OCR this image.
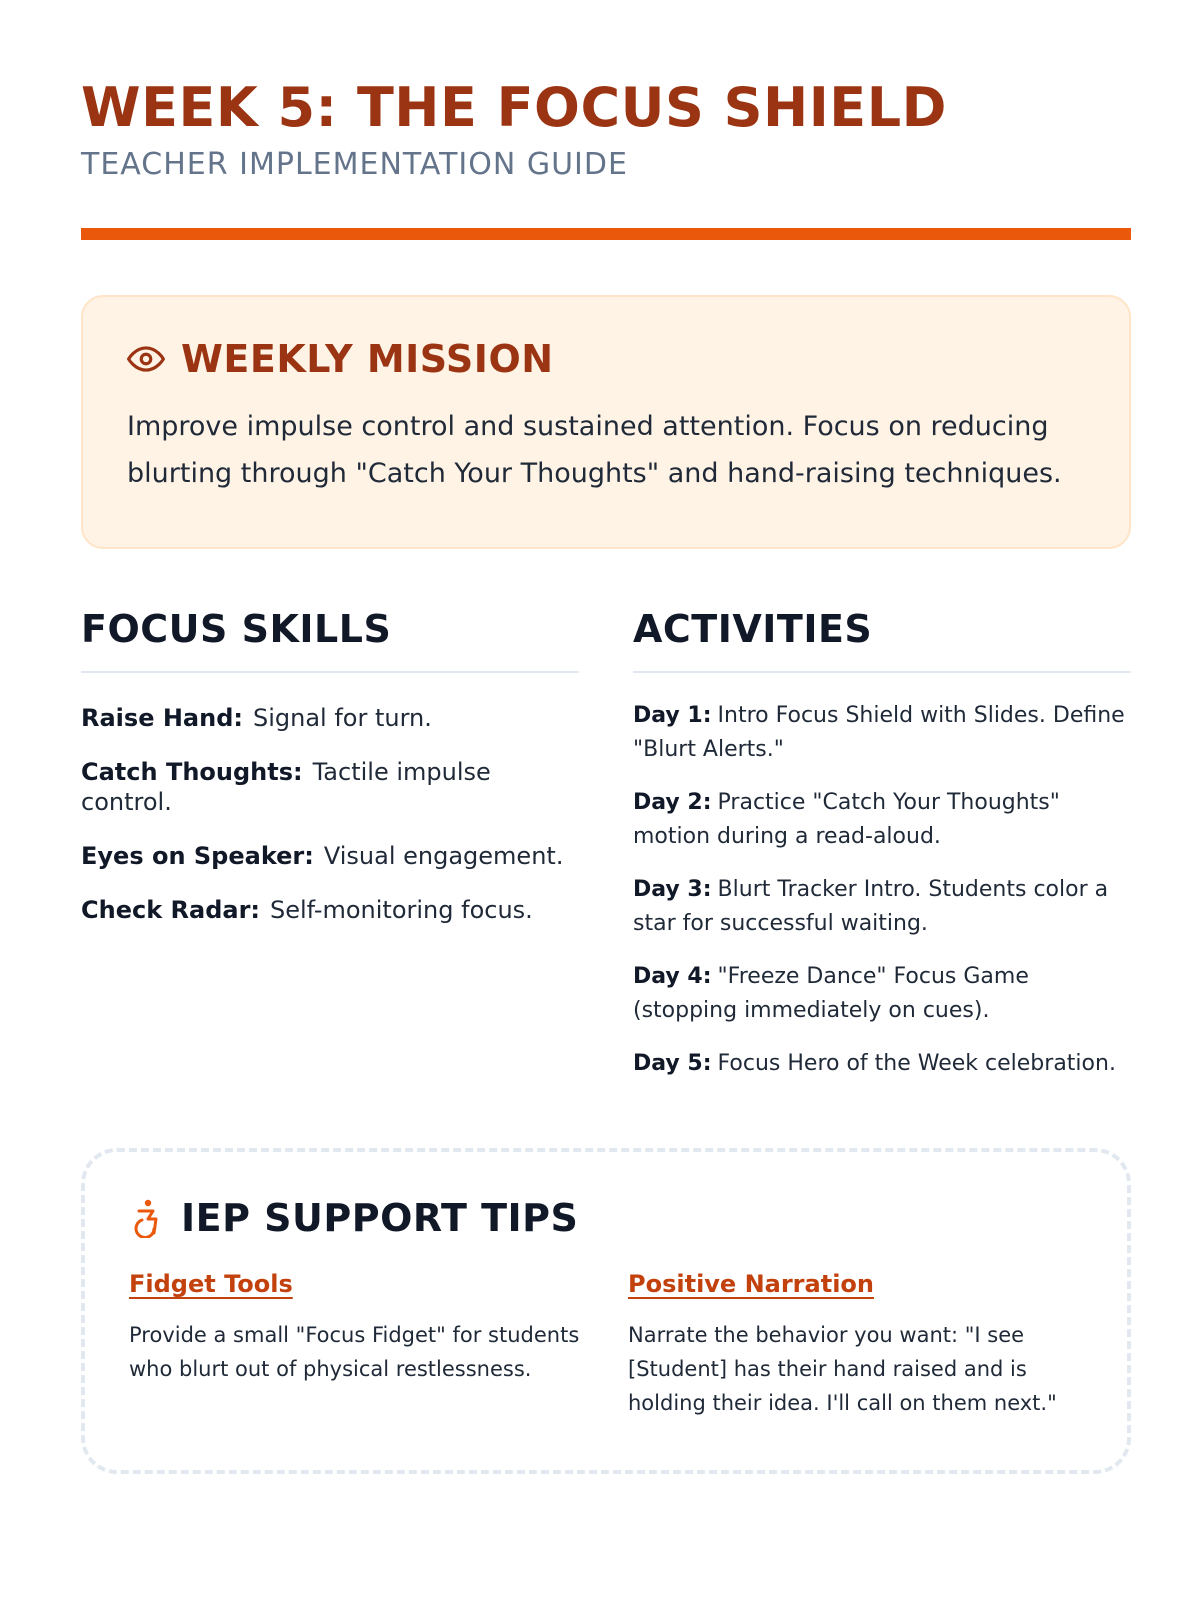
WEEK 5: THE FOCUS SHIELD
TEACHER IMPLEMENTATION GUIDE
WEEKLY MISSION
Improve impulse control and sustained attention. Focus on reducing blurting through "Catch Your Thoughts" and hand-raising techniques.
FOCUS SKILLS
Raise Hand: Signal for turn.
Catch Thoughts: Tactile impulse control.
Eyes on Speaker: Visual engagement.
Check Radar: Self-monitoring focus.
ACTIVITIES
Day 1: Intro Focus Shield with Slides. Define "Blurt Alerts."
Day 2: Practice "Catch Your Thoughts" motion during a read-aloud.
Day 3: Blurt Tracker Intro. Students color a star for successful waiting.
Day 4: "Freeze Dance" Focus Game (stopping immediately on cues).
Day 5: Focus Hero of the Week celebration.
IEP SUPPORT TIPS
Fidget Tools
Provide a small "Focus Fidget" for students who blurt out of physical restlessness.
Positive Narration
Narrate the behavior you want: "I see [Student] has their hand raised and is holding their idea. I'll call on them next."
